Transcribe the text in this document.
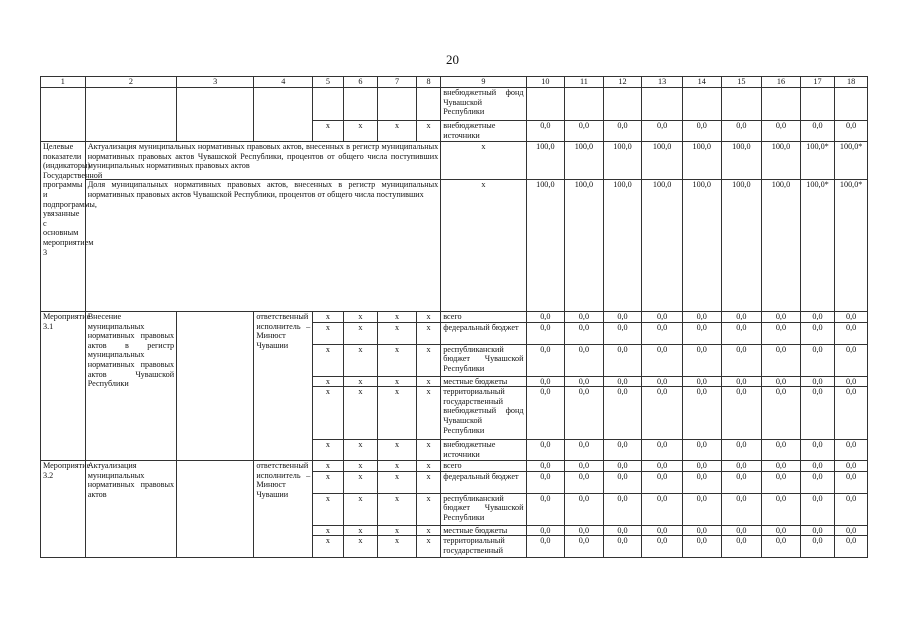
20
1	2	3	4	5	6	7	8	9	10	11	12	13	14	15	16	17	18
								внебюджетный фонд Чувашской Республики									
				x	x	x	x	внебюджетные источники	0,0	0,0	0,0	0,0	0,0	0,0	0,0	0,0	0,0
Целевые показатели (индикаторы) Государственной программы и подпрограммы, увязанные с основным мероприятием 3	Актуализация муниципальных нормативных правовых актов, внесенных в регистр муниципальных нормативных правовых актов Чувашской Республики, процентов от общего числа поступивших муниципальных нормативных правовых актов							x	100,0	100,0	100,0	100,0	100,0	100,0	100,0	100,0*	100,0*
	Доля муниципальных нормативных правовых актов, внесенных в регистр муниципальных нормативных правовых актов Чувашской Республики, процентов от общего числа поступивших							x	100,0	100,0	100,0	100,0	100,0	100,0	100,0	100,0*	100,0*
Мероприятие 3.1	Внесение муниципальных нормативных правовых актов в регистр муниципальных нормативных правовых актов Чувашской Республики		ответственный исполнитель – Минюст Чувашии	x	x	x	x	всего	0,0	0,0	0,0	0,0	0,0	0,0	0,0	0,0	0,0
				x	x	x	x	федеральный бюджет	0,0	0,0	0,0	0,0	0,0	0,0	0,0	0,0	0,0
				x	x	x	x	республиканский бюджет Чувашской Республики	0,0	0,0	0,0	0,0	0,0	0,0	0,0	0,0	0,0
				x	x	x	x	местные бюджеты	0,0	0,0	0,0	0,0	0,0	0,0	0,0	0,0	0,0
				x	x	x	x	территориальный государственный внебюджетный фонд Чувашской Республики	0,0	0,0	0,0	0,0	0,0	0,0	0,0	0,0	0,0
				x	x	x	x	внебюджетные источники	0,0	0,0	0,0	0,0	0,0	0,0	0,0	0,0	0,0
Мероприятие 3.2	Актуализация муниципальных нормативных правовых актов		ответственный исполнитель – Минюст Чувашии	x	x	x	x	всего	0,0	0,0	0,0	0,0	0,0	0,0	0,0	0,0	0,0
				x	x	x	x	федеральный бюджет	0,0	0,0	0,0	0,0	0,0	0,0	0,0	0,0	0,0
				x	x	x	x	республиканский бюджет Чувашской Республики	0,0	0,0	0,0	0,0	0,0	0,0	0,0	0,0	0,0
				x	x	x	x	местные бюджеты	0,0	0,0	0,0	0,0	0,0	0,0	0,0	0,0	0,0
				x	x	x	x	территориальный государственный	0,0	0,0	0,0	0,0	0,0	0,0	0,0	0,0	0,0
